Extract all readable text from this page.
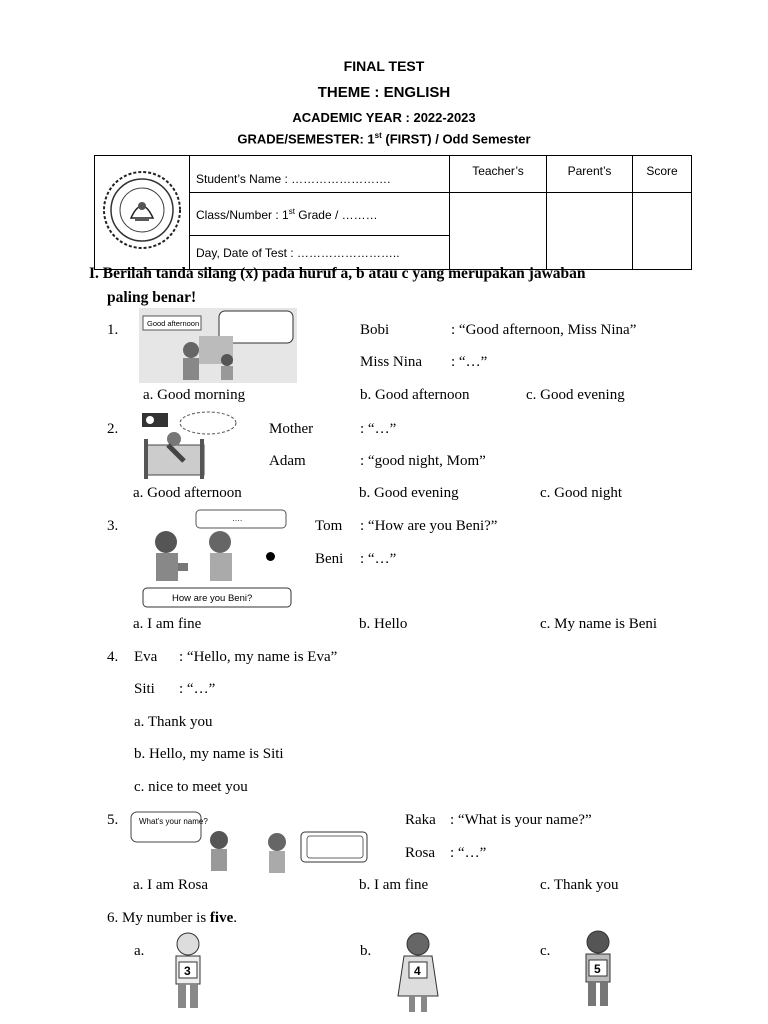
FINAL TEST
THEME : ENGLISH
ACADEMIC YEAR : 2022-2023
GRADE/SEMESTER: 1st (FIRST) / Odd Semester

Student’s Name : …………………….	Teacher’s	Parent’s	Score

	Class/Number : 1st Grade / ………			

	Day, Date of Test : ……………………..			
I. Berilah tanda silang (x) pada huruf a, b atau c yang merupakan jawaban
paling benar!
1.	Good afternoon	Bobi	: “Good afternoon, Miss Nina”
Miss Nina : “…”
a. Good morning	b. Good afternoon	c. Good evening
2.	Mother	: “…”
Adam	: “good night, Mom”
a. Good afternoon	b. Good evening	c. Good night
3.	….
How are you Beni?
Tom : “How are you Beni?”
Beni : “…”
a. I am fine	b. Hello	c. My name is Beni
4. Eva : “Hello, my name is Eva”
Siti : “…”
a. Thank you
b. Hello, my name is Siti
c. nice to meet you
5.	What’s your name?	Raka : “What is your name?”
Rosa : “…”
a. I am Rosa	b. I am fine	c. Thank you
6. My number is five.
a.	b.	c.
3	4	5
